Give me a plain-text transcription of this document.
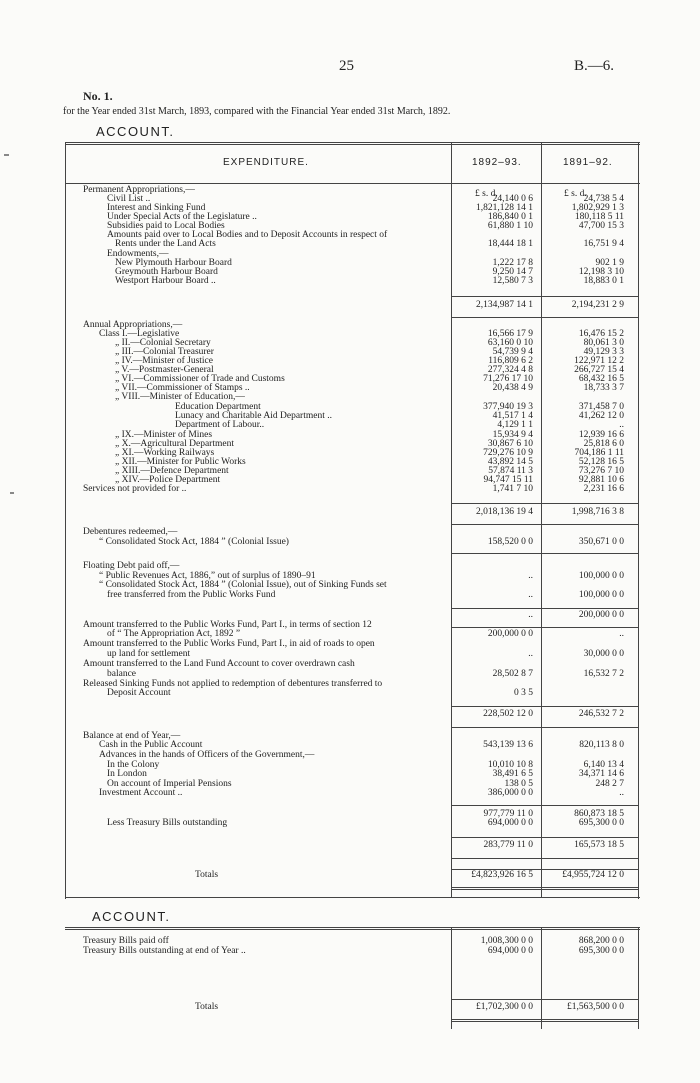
25	B.—6.
No. 1.
for the Year ended 31st March, 1893, compared with the Financial Year ended 31st March, 1892.
ACCOUNT.
EXPENDITURE.	1892–93.	1891–92.
£ s. d.	£ s. d.
Permanent Appropriations,—
Civil List ..	24,140 0 6	24,738 5 4
Interest and Sinking Fund	1,821,128 14 1	1,802,929 1 3
Under Special Acts of the Legislature ..	186,840 0 1	180,118 5 11
Subsidies paid to Local Bodies	61,880 1 10	47,700 15 3
Amounts paid over to Local Bodies and to Deposit Accounts in respect of
Rents under the Land Acts	18,444 18 1	16,751 9 4
Endowments,—
New Plymouth Harbour Board	1,222 17 8	902 1 9
Greymouth Harbour Board	9,250 14 7	12,198 3 10
Westport Harbour Board ..	12,580 7 3	18,883 0 1
2,134,987 14 1	2,194,231 2 9
Annual Appropriations,—
Class I.—Legislative	16,566 17 9	16,476 15 2
„ II.—Colonial Secretary	63,160 0 10	80,061 3 0
„ III.—Colonial Treasurer	54,739 9 4	49,129 3 3
„ IV.—Minister of Justice	116,809 6 2	122,971 12 2
„ V.—Postmaster-General	277,324 4 8	266,727 15 4
„ VI.—Commissioner of Trade and Customs	71,276 17 10	68,432 16 5
„ VII.—Commissioner of Stamps ..	20,438 4 9	18,733 3 7
„ VIII.—Minister of Education,—
Education Department	377,940 19 3	371,458 7 0
Lunacy and Charitable Aid Department ..	41,517 1 4	41,262 12 0
Department of Labour..	4,129 1 1	..
„ IX.—Minister of Mines	15,934 9 4	12,939 16 6
„ X.—Agricultural Department	30,867 6 10	25,818 6 0
„ XI.—Working Railways	729,276 10 9	704,186 1 11
„ XII.—Minister for Public Works	43,892 14 5	52,128 16 5
„ XIII.—Defence Department	57,874 11 3	73,276 7 10
„ XIV.—Police Department	94,747 15 11	92,881 10 6
Services not provided for ..	1,741 7 10	2,231 16 6
2,018,136 19 4	1,998,716 3 8
Debentures redeemed,—
“ Consolidated Stock Act, 1884 ” (Colonial Issue)	158,520 0 0	350,671 0 0
Floating Debt paid off,—
“ Public Revenues Act, 1886,” out of surplus of 1890–91	..	100,000 0 0
“ Consolidated Stock Act, 1884 ” (Colonial Issue), out of Sinking Funds set
free transferred from the Public Works Fund	..	100,000 0 0
..	200,000 0 0
Amount transferred to the Public Works Fund, Part I., in terms of section 12
of “ The Appropriation Act, 1892 ”	200,000 0 0	..
Amount transferred to the Public Works Fund, Part I., in aid of roads to open
up land for settlement	..	30,000 0 0
Amount transferred to the Land Fund Account to cover overdrawn cash
balance	28,502 8 7	16,532 7 2
Released Sinking Funds not applied to redemption of debentures transferred to
Deposit Account	0 3 5
228,502 12 0	246,532 7 2
Balance at end of Year,—
Cash in the Public Account	543,139 13 6	820,113 8 0
Advances in the hands of Officers of the Government,—
In the Colony	10,010 10 8	6,140 13 4
In London	38,491 6 5	34,371 14 6
On account of Imperial Pensions	138 0 5	248 2 7
Investment Account ..	386,000 0 0	..
977,779 11 0	860,873 18 5
Less Treasury Bills outstanding	694,000 0 0	695,300 0 0
283,779 11 0	165,573 18 5
Totals	£4,823,926 16 5	£4,955,724 12 0
ACCOUNT.
Treasury Bills paid off	1,008,300 0 0	868,200 0 0
Treasury Bills outstanding at end of Year ..	694,000 0 0	695,300 0 0
Totals	£1,702,300 0 0	£1,563,500 0 0
